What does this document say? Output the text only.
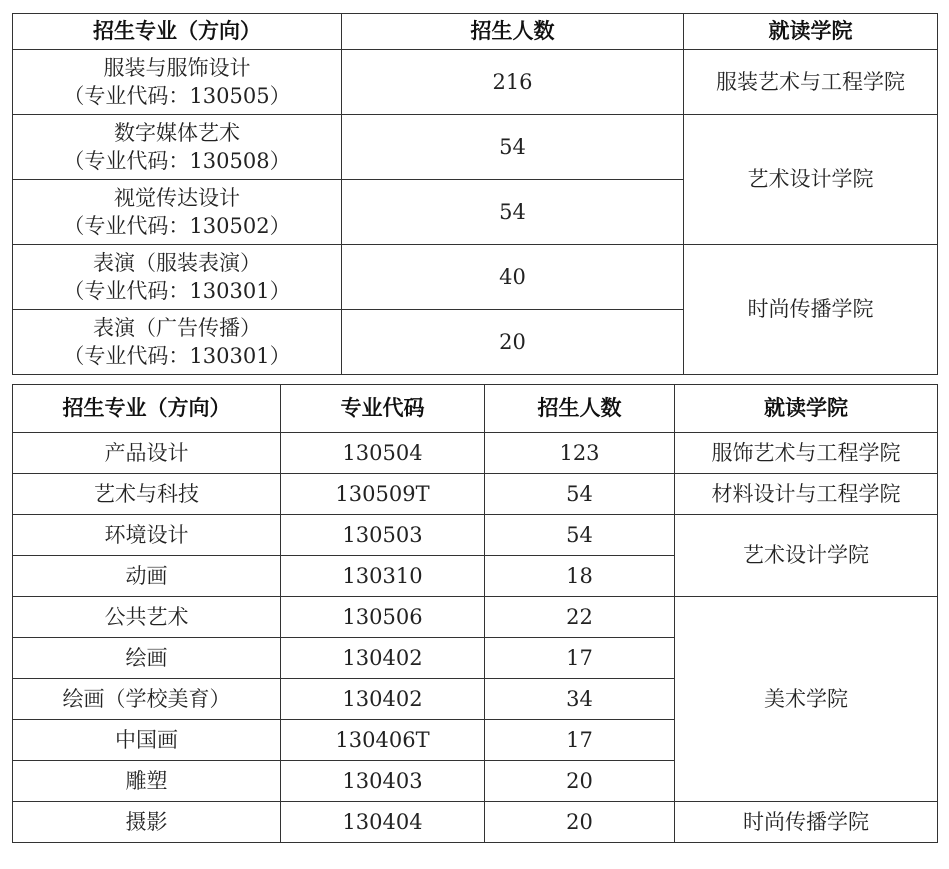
招生专业（方向）	招生人数	就读学院

服装与服饰设计
（专业代码：130505）	216	服装艺术与工程学院

数字媒体艺术
（专业代码：130508）	54	艺术设计学院

视觉传达设计
（专业代码：130502）	54	

表演（服装表演）
（专业代码：130301）	40	时尚传播学院

表演（广告传播）
（专业代码：130301）	20	
招生专业（方向）	专业代码	招生人数	就读学院
产品设计	130504	123	服饰艺术与工程学院
艺术与科技	130509T	54	材料设计与工程学院
环境设计	130503	54	艺术设计学院
动画	130310	18	
公共艺术	130506	22	美术学院
绘画	130402	17	
绘画（学校美育）	130402	34	
中国画	130406T	17	
雕塑	130403	20	
摄影	130404	20	时尚传播学院
